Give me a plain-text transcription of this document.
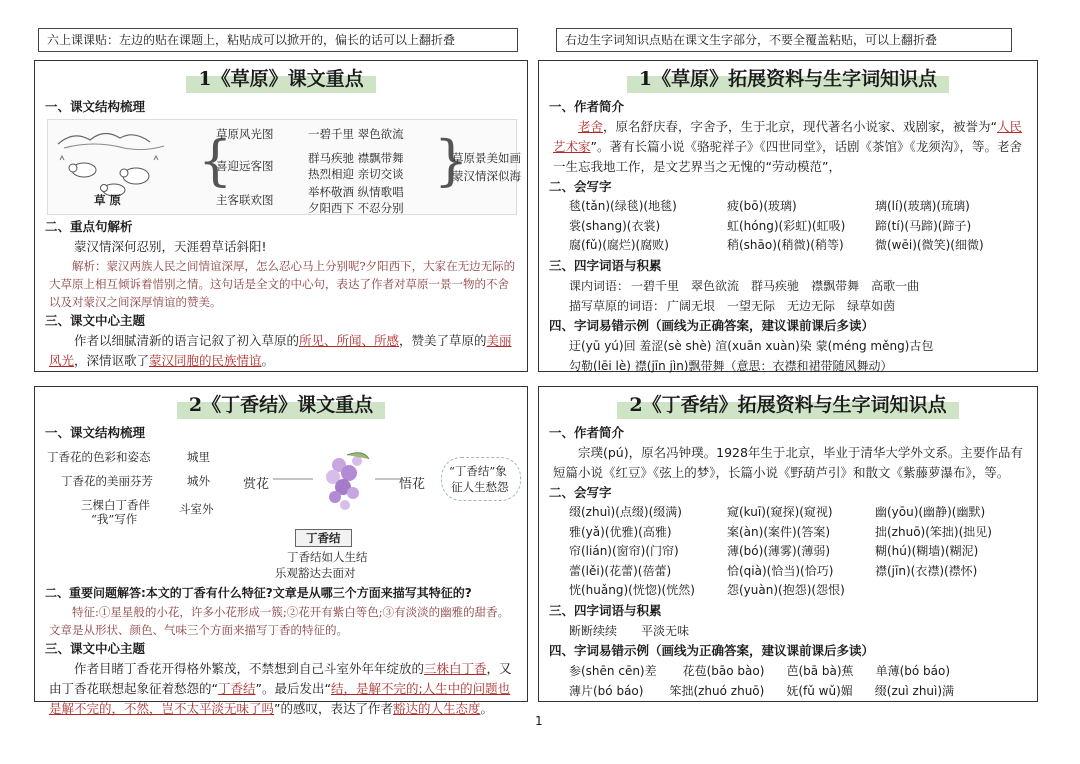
六上课课贴：左边的贴在课题上，粘贴成可以掀开的，偏长的话可以上翻折叠	右边生字词知识点贴在课文生字部分，不要全覆盖粘贴，可以上翻折叠
1《草原》课文重点
一、课文结构梳理
草 原
{
草原风光图
喜迎远客图
主客联欢图
一碧千里 翠色欲流
群马疾驰 襟飘带舞
热烈相迎 亲切交谈
举杯敬酒 纵情歌唱
夕阳西下 不忍分别
}
草原景美如画
蒙汉情深似海
二、重点句解析
蒙汉情深何忍别，天涯碧草话斜阳!
解析：蒙汉两族人民之间情谊深厚，怎么忍心马上分别呢?夕阳西下，大家在无边无际的大草原上相互倾诉着惜别之情。这句话是全文的中心句，表达了作者对草原一景一物的不舍以及对蒙汉之间深厚情谊的赞美。
三、课文中心主题
作者以细腻清新的语言记叙了初入草原的所见、所闻、所感，赞美了草原的美丽风光，深情讴歌了蒙汉同胞的民族情谊。
1《草原》拓展资料与生字词知识点
一、作者简介
老舍，原名舒庆春，字舍予，生于北京，现代著名小说家、戏剧家，被誉为“人民艺术家”。著有长篇小说《骆驼祥子》《四世同堂》，话剧《茶馆》《龙须沟》，等。老舍一生忘我地工作，是文艺界当之无愧的“劳动模范”，
二、会写字
毯(tǎn)(绿毯)(地毯)	疲(bō)(玻璃)	璃(lí)(玻璃)(琉璃)
裳(shang)(衣裳)	虹(hóng)(彩虹)(虹吸)	蹄(tí)(马蹄)(蹄子)
腐(fǔ)(腐烂)(腐败)	稍(shāo)(稍微)(稍等)	微(wēi)(微笑)(细微)
三、四字词语与积累
课内词语： 一碧千里 翠色欲流 群马疾驰 襟飘带舞 高歌一曲
描写草原的词语： 广阔无垠 一望无际 无边无际 绿草如茵
四、字词易错示例（画线为正确答案，建议课前课后多读）
迂(yū yú)回 羞涩(sè shè) 渲(xuān xuàn)染 蒙(méng měng)古包
勾勒(lēi lè) 襟(jīn jìn)飘带舞（意思：衣襟和裙带随风舞动）
2《丁香结》课文重点
一、课文结构梳理
丁香花的色彩和姿态
丁香花的美丽芬芳
三棵白丁香伴
“我”写作
城里
城外
斗室外
赏花
丁香结
丁香结如人生结
悟花
“丁香结”象
征人生愁怨
乐观豁达去面对
二、重要问题解答:本文的丁香有什么特征?文章是从哪三个方面来描写其特征的?
特征:①星星般的小花，许多小花形成一簇;②花开有紫白等色;③有淡淡的幽雅的甜香。文章是从形状、颜色、气味三个方面来描写丁香的特征的。
三、课文中心主题
作者目睹丁香花开得格外繁茂，不禁想到自己斗室外年年绽放的三株白丁香，又由丁香花联想起象征着愁怨的“丁香结”。最后发出“结，是解不完的;人生中的问题也是解不完的，不然，岂不太平淡无味了吗”的感叹，表达了作者豁达的人生态度。
2《丁香结》拓展资料与生字词知识点
一、作者简介
宗璞(pú)，原名冯钟璞。1928年生于北京，毕业于清华大学外文系。主要作品有短篇小说《红豆》《弦上的梦》，长篇小说《野葫芦引》和散文《紫藤萝瀑布》，等。
二、会写字
缀(zhuì)(点缀)(缀满)	窥(kuī)(窥探)(窥视)	幽(yōu)(幽静)(幽默)
雅(yǎ)(优雅)(高雅)	案(àn)(案件)(答案)	拙(zhuō)(笨拙)(拙见)
帘(lián)(窗帘)(门帘)	薄(bó)(薄雾)(薄弱)	糊(hú)(糊墙)(糊泥)
蕾(lěi)(花蕾)(蓓蕾)	恰(qià)(恰当)(恰巧)	襟(jīn)(衣襟)(襟怀)
恍(huǎng)(恍惚)(恍然)	怨(yuàn)(抱怨)(怨恨)
三、四字词语与积累
断断续续 平淡无味
四、字词易错示例（画线为正确答案，建议课前课后多读）
参(shēn cēn)差 花苞(bāo bào) 芭(bā bà)蕉 单薄(bó báo)
薄片(bó báo) 笨拙(zhuó zhuō) 妩(fǔ wǔ)媚 缀(zuì zhuì)满
1
